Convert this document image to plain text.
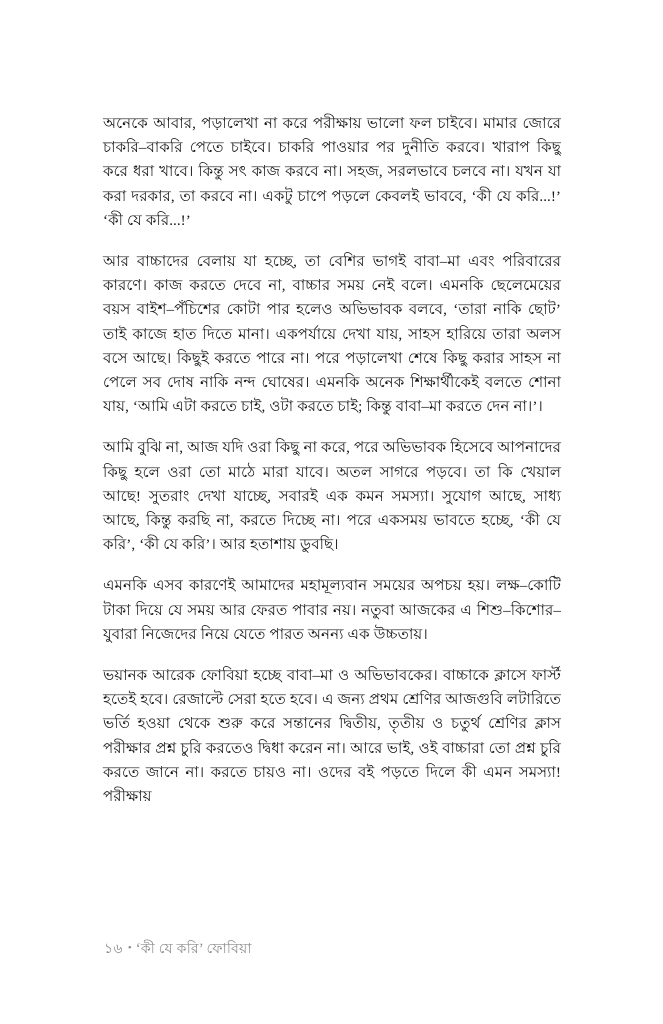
অনেকে আবার, পড়ালেখা না করে পরীক্ষায় ভালো ফল চাইবে। মামার জোরে চাকরি–বাকরি পেতে চাইবে। চাকরি পাওয়ার পর দুনীতি করবে। খারাপ কিছু করে ধরা খাবে। কিন্তু সৎ কাজ করবে না। সহজ, সরলভাবে চলবে না। যখন যা করা দরকার, তা করবে না। একটু চাপে পড়লে কেবলই ভাববে, ‘কী যে করি...!’ ‘কী যে করি...!’

আর বাচ্চাদের বেলায় যা হচ্ছে, তা বেশির ভাগই বাবা–মা এবং পরিবারের কারণে। কাজ করতে দেবে না, বাচ্চার সময় নেই বলে। এমনকি ছেলেমেয়ের বয়স বাইশ–পঁচিশের কোটা পার হলেও অভিভাবক বলবে, ‘তারা নাকি ছোট’ তাই কাজে হাত দিতে মানা। একপর্যায়ে দেখা যায়, সাহস হারিয়ে তারা অলস বসে আছে। কিছুই করতে পারে না। পরে পড়ালেখা শেষে কিছু করার সাহস না পেলে সব দোষ নাকি নন্দ ঘোষের। এমনকি অনেক শিক্ষার্থীকেই বলতে শোনা যায়, ‘আমি এটা করতে চাই, ওটা করতে চাই; কিন্তু বাবা–মা করতে দেন না।’।

আমি বুঝি না, আজ যদি ওরা কিছু না করে, পরে অভিভাবক হিসেবে আপনাদের কিছু হলে ওরা তো মাঠে মারা যাবে। অতল সাগরে পড়বে। তা কি খেয়াল আছে! সুতরাং দেখা যাচ্ছে, সবারই এক কমন সমস্যা। সুযোগ আছে, সাধ্য আছে, কিন্তু করছি না, করতে দিচ্ছে না। পরে একসময় ভাবতে হচ্ছে, ‘কী যে করি’, ‘কী যে করি’। আর হতাশায় ডুবছি।

এমনকি এসব কারণেই আমাদের মহামূল্যবান সময়ের অপচয় হয়। লক্ষ–কোটি টাকা দিয়ে যে সময় আর ফেরত পাবার নয়। নতুবা আজকের এ শিশু–কিশোর–যুবারা নিজেদের নিয়ে যেতে পারত অনন্য এক উচ্চতায়।

ভয়ানক আরেক ফোবিয়া হচ্ছে বাবা–মা ও অভিভাবকের। বাচ্চাকে ক্লাসে ফার্স্ট হতেই হবে। রেজাল্টে সেরা হতে হবে। এ জন্য প্রথম শ্রেণির আজগুবি লটারিতে ভর্তি হওয়া থেকে শুরু করে সন্তানের দ্বিতীয়, তৃতীয় ও চতুর্থ শ্রেণির ক্লাস পরীক্ষার প্রশ্ন চুরি করতেও দ্বিধা করেন না। আরে ভাই, ওই বাচ্চারা তো প্রশ্ন চুরি করতে জানে না। করতে চায়ও না। ওদের বই পড়তে দিলে কী এমন সমস্যা! পরীক্ষায়

১৬ • ‘কী যে করি’ ফোবিয়া
